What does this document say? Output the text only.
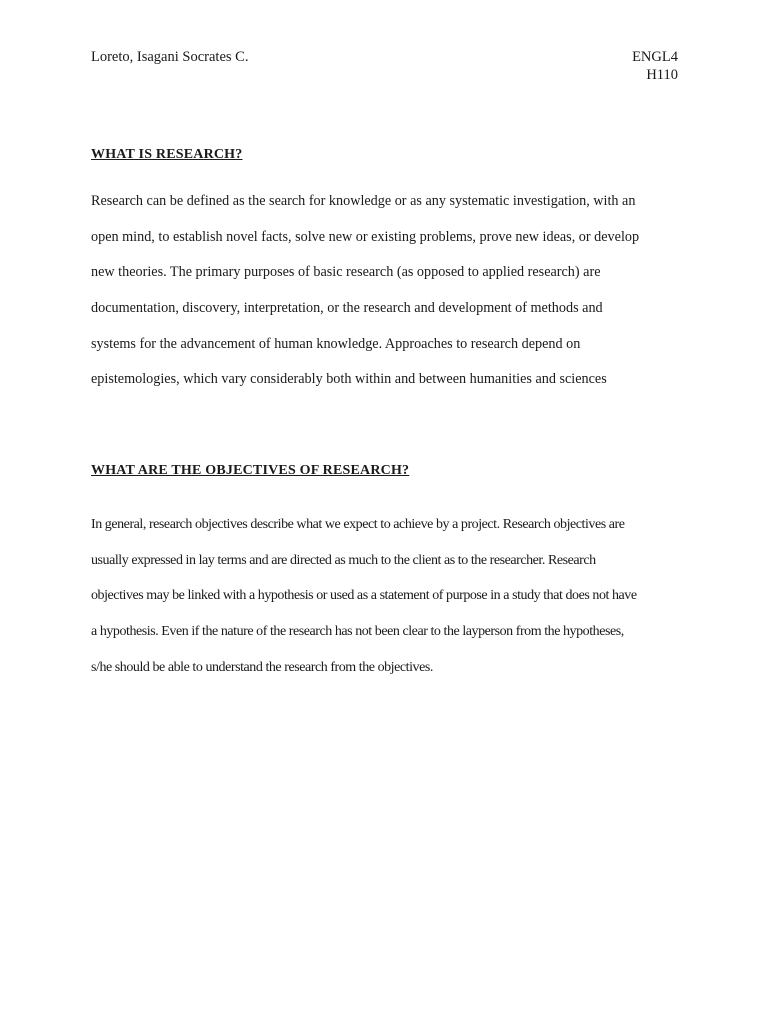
Loreto, Isagani Socrates C.	ENGL4
H110
WHAT IS RESEARCH?
Research can be defined as the search for knowledge or as any systematic investigation, with an
open mind, to establish novel facts, solve new or existing problems, prove new ideas, or develop
new theories. The primary purposes of basic research (as opposed to applied research) are
documentation, discovery, interpretation, or the research and development of methods and
systems for the advancement of human knowledge. Approaches to research depend on
epistemologies, which vary considerably both within and between humanities and sciences
WHAT ARE THE OBJECTIVES OF RESEARCH?
In general, research objectives describe what we expect to achieve by a project. Research objectives are
usually expressed in lay terms and are directed as much to the client as to the researcher. Research
objectives may be linked with a hypothesis or used as a statement of purpose in a study that does not have
a hypothesis. Even if the nature of the research has not been clear to the layperson from the hypotheses,
s/he should be able to understand the research from the objectives.
